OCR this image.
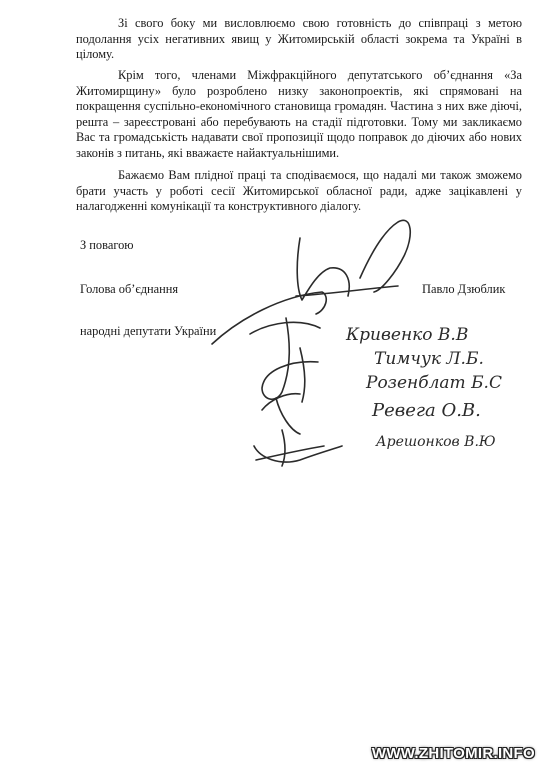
Зі свого боку ми висловлюємо свою готовність до співпраці з метою подолання усіх негативних явищ у Житомирській області зокрема та Україні в цілому.

Крім того, членами Міжфракційного депутатського об’єднання «За Житомирщину» було розроблено низку законопроектів, які спрямовані на покращення суспільно-економічного становища громадян. Частина з них вже діючі, решта – зареєстровані або перебувають на стадії підготовки. Тому ми закликаємо Вас та громадськість надавати свої пропозиції щодо поправок до діючих або нових законів з питань, які вважаєте найактуальнішими.

Бажаємо Вам плідної праці та сподіваємося, що надалі ми також зможемо брати участь у роботі сесії Житомирської обласної ради, адже зацікавлені у налагодженні комунікації та конструктивного діалогу.

З повагою
Голова об’єднання	Павло Дзюблик
народні депутати України	Кривенко В.В
Тимчук Л.Б.
Розенблат Б.С
Ревега О.В.
Арешонков В.Ю
WWW.ZHITOMIR.INFO
